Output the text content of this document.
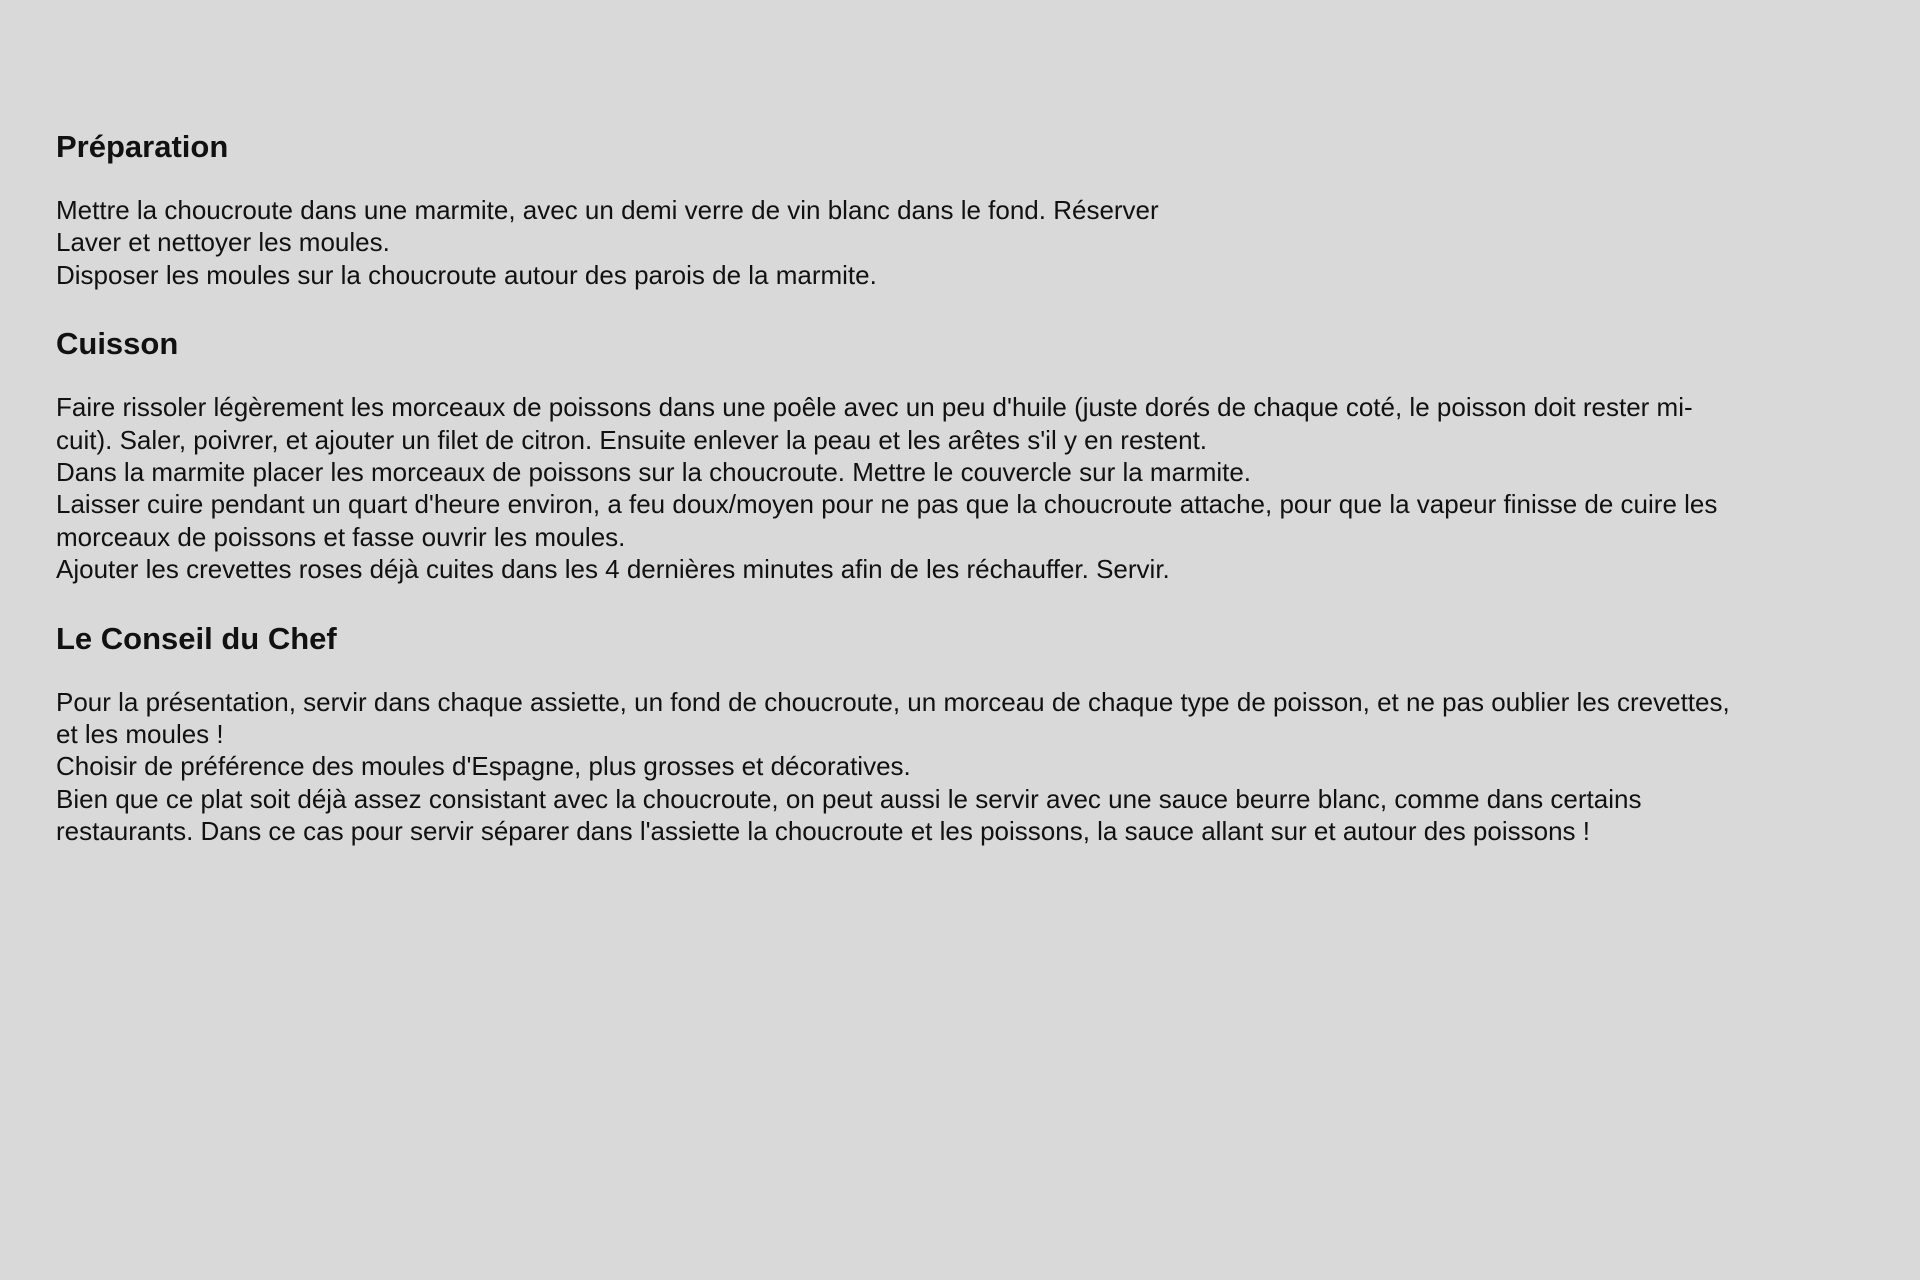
Préparation
Mettre la choucroute dans une marmite, avec un demi verre de vin blanc dans le fond. Réserver
Laver et nettoyer les moules.
Disposer les moules sur la choucroute autour des parois de la marmite.
Cuisson
Faire rissoler légèrement les morceaux de poissons dans une poêle avec un peu d'huile (juste dorés de chaque coté, le poisson doit rester mi-
cuit). Saler, poivrer, et ajouter un filet de citron. Ensuite enlever la peau et les arêtes s'il y en restent.
Dans la marmite placer les morceaux de poissons sur la choucroute. Mettre le couvercle sur la marmite.
Laisser cuire pendant un quart d'heure environ, a feu doux/moyen pour ne pas que la choucroute attache, pour que la vapeur finisse de cuire les
morceaux de poissons et fasse ouvrir les moules.
Ajouter les crevettes roses déjà cuites dans les 4 dernières minutes afin de les réchauffer. Servir.
Le Conseil du Chef
Pour la présentation, servir dans chaque assiette, un fond de choucroute, un morceau de chaque type de poisson, et ne pas oublier les crevettes,
et les moules !
Choisir de préférence des moules d'Espagne, plus grosses et décoratives.
Bien que ce plat soit déjà assez consistant avec la choucroute, on peut aussi le servir avec une sauce beurre blanc, comme dans certains
restaurants. Dans ce cas pour servir séparer dans l'assiette la choucroute et les poissons, la sauce allant sur et autour des poissons !
